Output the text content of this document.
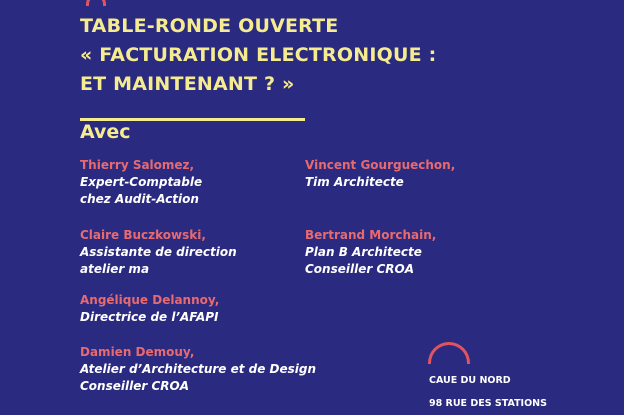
TABLE-RONDE OUVERTE
« FACTURATION ELECTRONIQUE :
ET MAINTENANT ? »
Avec
Thierry Salomez,
Expert-Comptable
chez Audit-Action
Vincent Gourguechon,
Tim Architecte
Claire Buczkowski,
Assistante de direction
atelier ma
Bertrand Morchain,
Plan B Architecte
Conseiller CROA
Angélique Delannoy,
Directrice de l’AFAPI
Damien Demouy,
Atelier d’Architecture et de Design
Conseiller CROA	CAUE DU NORD
98 RUE DES STATIONS
